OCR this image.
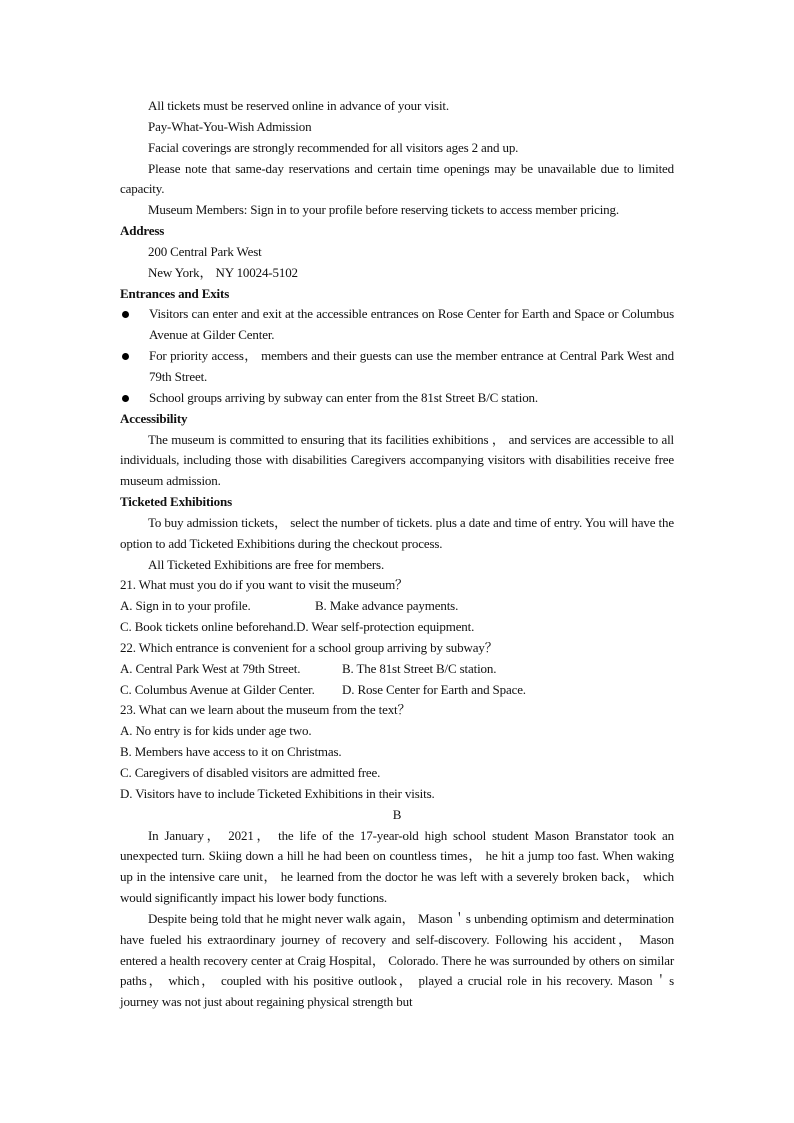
All tickets must be reserved online in advance of your visit.

Pay-What-You-Wish Admission

Facial coverings are strongly recommended for all visitors ages 2 and up.

Please note that same-day reservations and certain time openings may be unavailable due to limited capacity.

Museum Members: Sign in to your profile before reserving tickets to access member pricing.

Address

200 Central Park West

New York， NY 10024-5102

Entrances and Exits

Visitors can enter and exit at the accessible entrances on Rose Center for Earth and Space or Columbus Avenue at Gilder Center.
For priority access， members and their guests can use the member entrance at Central Park West and 79th Street.
School groups arriving by subway can enter from the 81st Street B/C station.

Accessibility

The museum is committed to ensuring that its facilities exhibitions ， and services are accessible to all individuals, including those with disabilities Caregivers accompanying visitors with disabilities receive free museum admission.

Ticketed Exhibitions

To buy admission tickets， select the number of tickets. plus a date and time of entry. You will have the option to add Ticketed Exhibitions during the checkout process.

All Ticketed Exhibitions are free for members.

21. What must you do if you want to visit the museum？

A. Sign in to your profile.	B. Make advance payments.

C. Book tickets online beforehand.D. Wear self-protection equipment.

22. Which entrance is convenient for a school group arriving by subway？

A. Central Park West at 79th Street.	B. The 81st Street B/C station.

C. Columbus Avenue at Gilder Center. D. Rose Center for Earth and Space.

23. What can we learn about the museum from the text？

A. No entry is for kids under age two.

B. Members have access to it on Christmas.

C. Caregivers of disabled visitors are admitted free.

D. Visitors have to include Ticketed Exhibitions in their visits.

B

In January， 2021， the life of the 17-year-old high school student Mason Branstator took an unexpected turn. Skiing down a hill he had been on countless times， he hit a jump too fast. When waking up in the intensive care unit， he learned from the doctor he was left with a severely broken back， which would significantly impact his lower body functions.

Despite being told that he might never walk again， Mason＇s unbending optimism and determination have fueled his extraordinary journey of recovery and self-discovery. Following his accident， Mason entered a health recovery center at Craig Hospital， Colorado. There he was surrounded by others on similar paths， which， coupled with his positive outlook， played a crucial role in his recovery. Mason＇s journey was not just about regaining physical strength but
